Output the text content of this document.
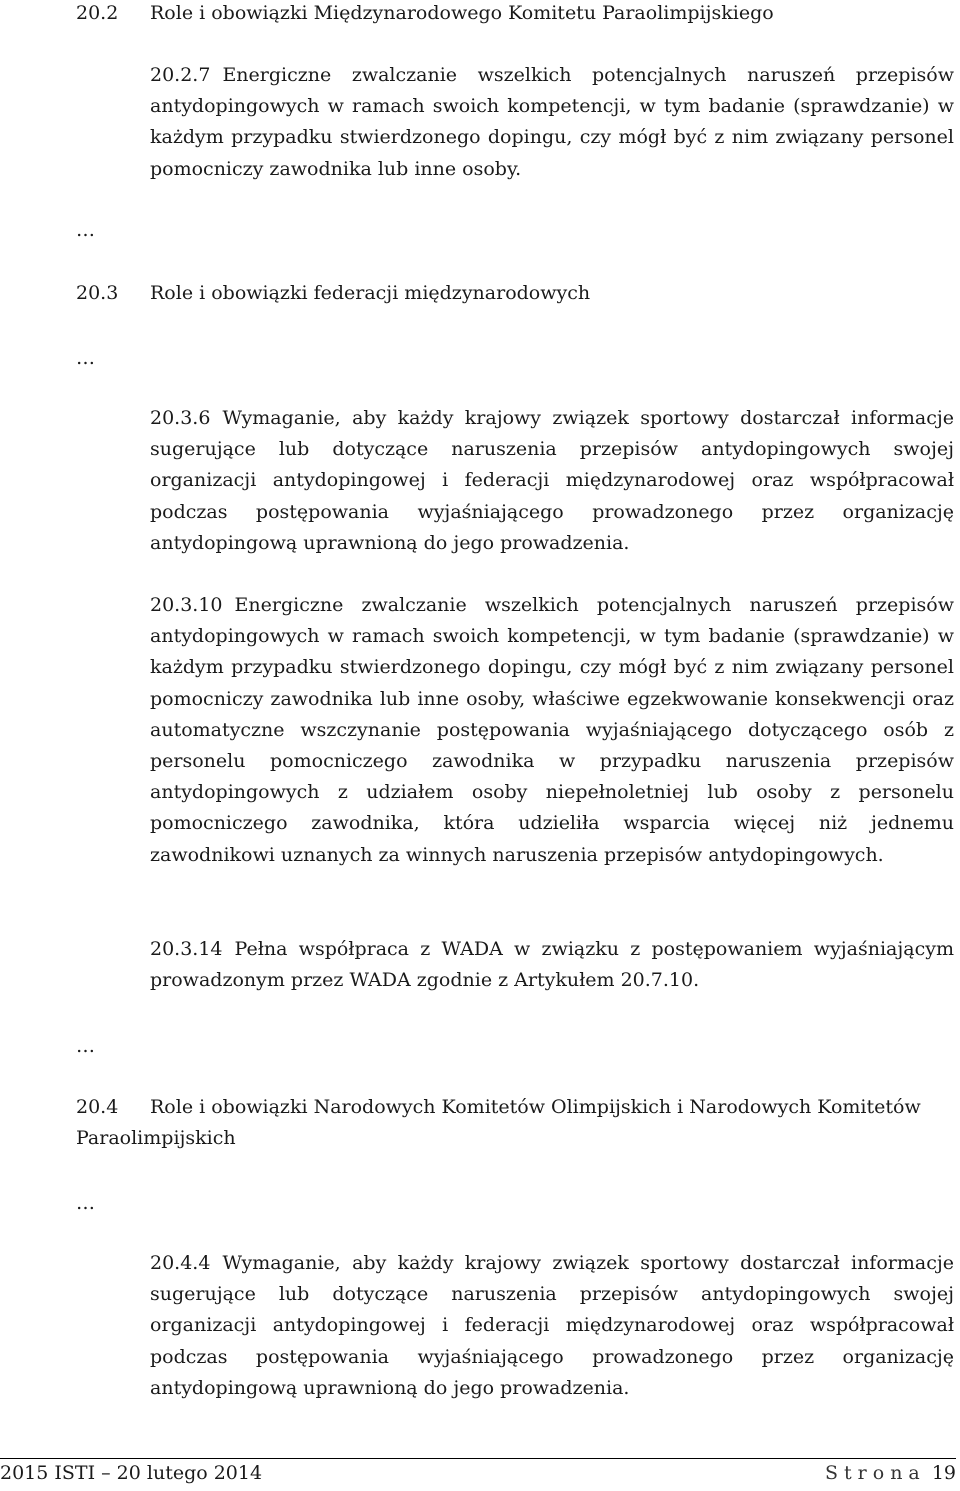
20.2 Role i obowiązki Międzynarodowego Komitetu Paraolimpijskiego
20.2.7 Energiczne zwalczanie wszelkich potencjalnych naruszeń przepisów antydopingowych w ramach swoich kompetencji, w tym badanie (sprawdzanie) w każdym przypadku stwierdzonego dopingu, czy mógł być z nim związany personel pomocniczy zawodnika lub inne osoby.
…
20.3 Role i obowiązki federacji międzynarodowych
…
20.3.6 Wymaganie, aby każdy krajowy związek sportowy dostarczał informacje sugerujące lub dotyczące naruszenia przepisów antydopingowych swojej organizacji antydopingowej i federacji międzynarodowej oraz współpracował podczas postępowania wyjaśniającego prowadzonego przez organizację antydopingową uprawnioną do jego prowadzenia.
20.3.10 Energiczne zwalczanie wszelkich potencjalnych naruszeń przepisów antydopingowych w ramach swoich kompetencji, w tym badanie (sprawdzanie) w każdym przypadku stwierdzonego dopingu, czy mógł być z nim związany personel pomocniczy zawodnika lub inne osoby, właściwe egzekwowanie konsekwencji oraz automatyczne wszczynanie postępowania wyjaśniającego dotyczącego osób z personelu pomocniczego zawodnika w przypadku naruszenia przepisów antydopingowych z udziałem osoby niepełnoletniej lub osoby z personelu pomocniczego zawodnika, która udzieliła wsparcia więcej niż jednemu zawodnikowi uznanych za winnych naruszenia przepisów antydopingowych.
20.3.14 Pełna współpraca z WADA w związku z postępowaniem wyjaśniającym prowadzonym przez WADA zgodnie z Artykułem 20.7.10.
…
20.4 Role i obowiązki Narodowych Komitetów Olimpijskich i Narodowych Komitetów Paraolimpijskich
…
20.4.4 Wymaganie, aby każdy krajowy związek sportowy dostarczał informacje sugerujące lub dotyczące naruszenia przepisów antydopingowych swojej organizacji antydopingowej i federacji międzynarodowej oraz współpracował podczas postępowania wyjaśniającego prowadzonego przez organizację antydopingową uprawnioną do jego prowadzenia.
2015 ISTI – 20 lutego 2014	Strona 19
